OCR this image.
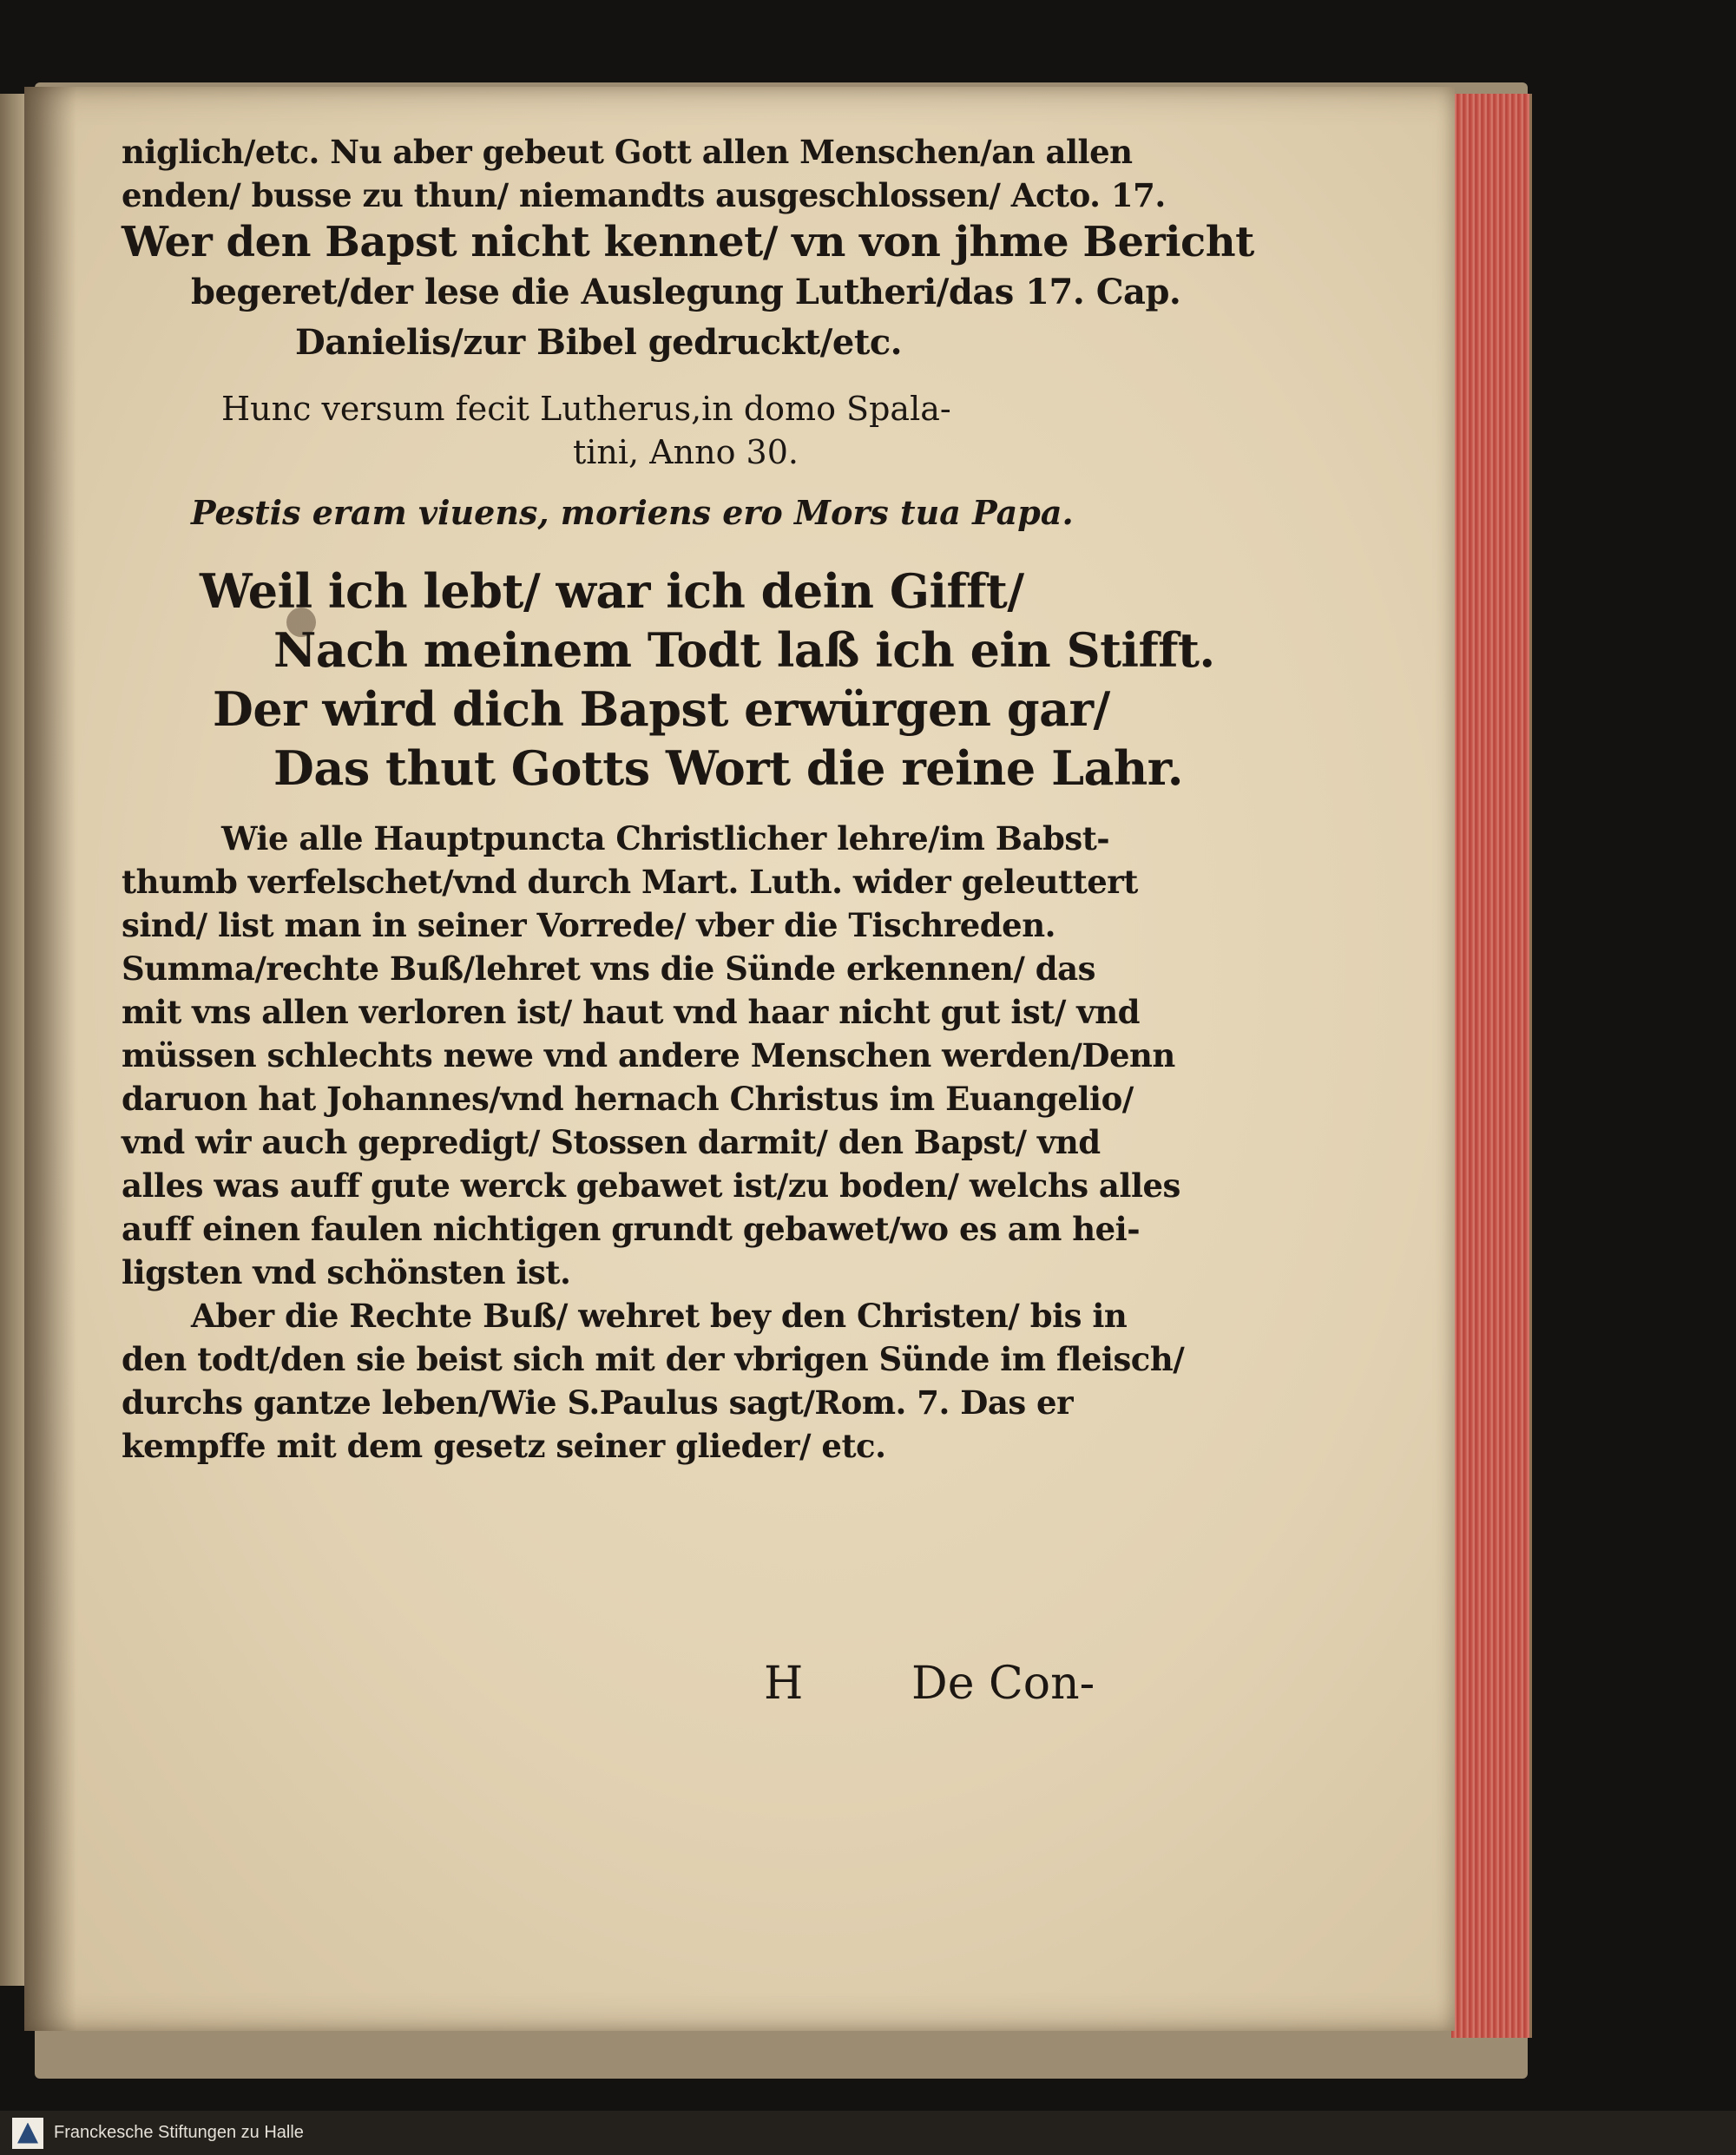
niglich/etc. Nu aber gebeut Gott allen Menschen/an allen
enden/ busse zu thun/ niemandts ausgeschlossen/ Acto. 17.
Wer den Bapst nicht kennet/ vn von jhme Bericht
begeret/der lese die Auslegung Lutheri/das 17. Cap.
Danielis/zur Bibel gedruckt/etc.
Hunc versum fecit Lutherus,in domo Spala-
tini, Anno 30.
Pestis eram viuens, moriens ero Mors tua Papa.
Weil ich lebt/ war ich dein Gifft/
Nach meinem Todt laß ich ein Stifft.
Der wird dich Bapst erwürgen gar/
Das thut Gotts Wort die reine Lahr.
Wie alle Hauptpuncta Christlicher lehre/im Babst-
thumb verfelschet/vnd durch Mart. Luth. wider geleuttert
sind/ list man in seiner Vorrede/ vber die Tischreden.
Summa/rechte Buß/lehret vns die Sünde erkennen/ das
mit vns allen verloren ist/ haut vnd haar nicht gut ist/ vnd
müssen schlechts newe vnd andere Menschen werden/Denn
daruon hat Johannes/vnd hernach Christus im Euangelio/
vnd wir auch gepredigt/ Stossen darmit/ den Bapst/ vnd
alles was auff gute werck gebawet ist/zu boden/ welchs alles
auff einen faulen nichtigen grundt gebawet/wo es am hei-
ligsten vnd schönsten ist.
Aber die Rechte Buß/ wehret bey den Christen/ bis in
den todt/den sie beist sich mit der vbrigen Sünde im fleisch/
durchs gantze leben/Wie S.Paulus sagt/Rom. 7. Das er
kempffe mit dem gesetz seiner glieder/ etc.
H De Con-
Franckesche Stiftungen zu Halle
